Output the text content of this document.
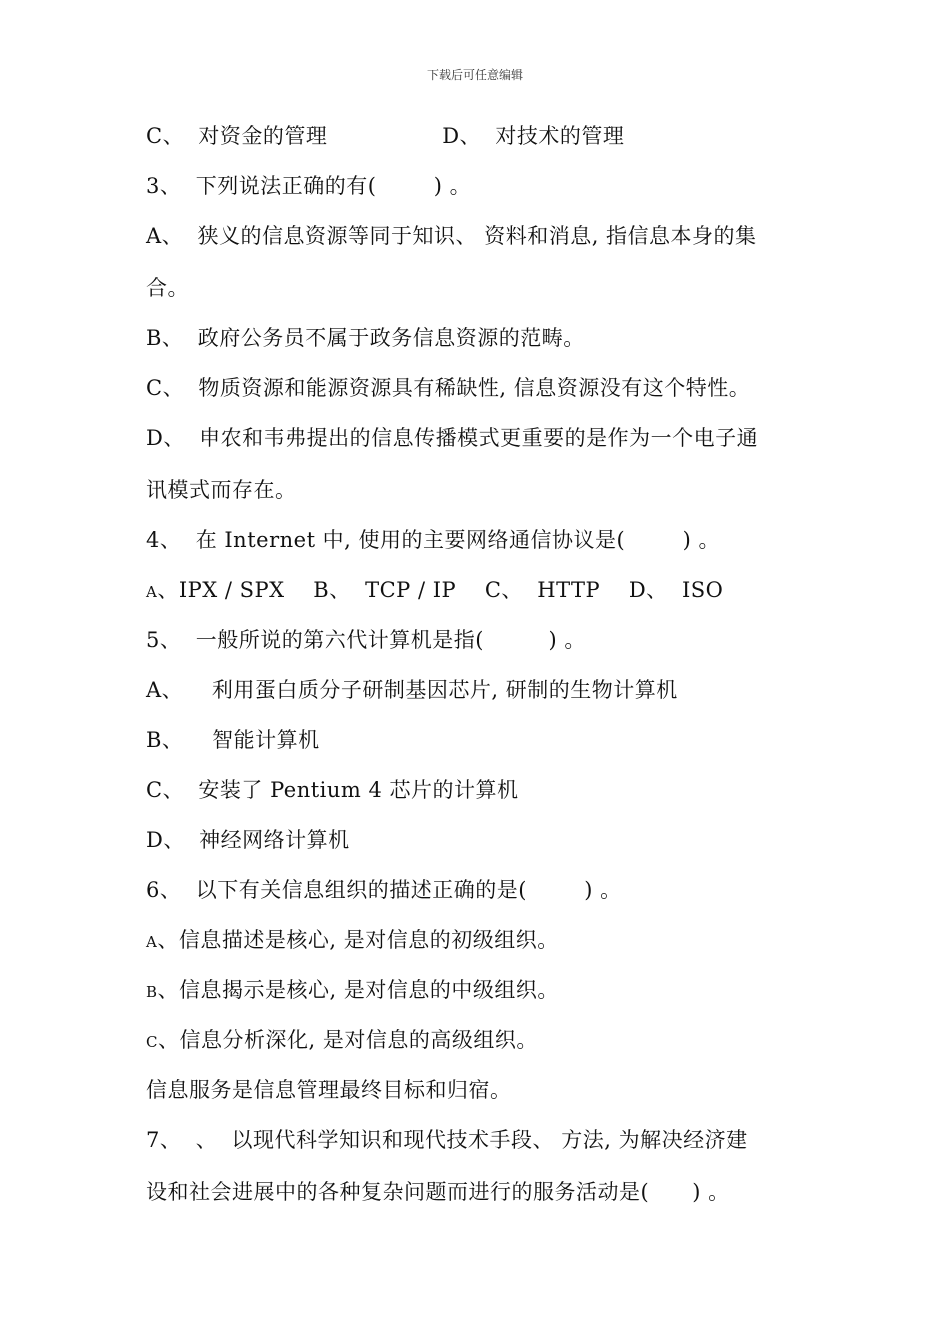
下载后可任意编辑
C、  对资金的管理                D、  对技术的管理
3、  下列说法正确的有(        ) 。
A、  狭义的信息资源等同于知识、 资料和消息, 指信息本身的集
合。
B、  政府公务员不属于政务信息资源的范畴。
C、  物质资源和能源资源具有稀缺性, 信息资源没有这个特性。
D、  申农和韦弗提出的信息传播模式更重要的是作为一个电子通
讯模式而存在。
4、  在 Internet 中, 使用的主要网络通信协议是(        ) 。
A、IPX / SPX    B、  TCP / IP    C、  HTTP    D、  ISO
5、  一般所说的第六代计算机是指(         ) 。
A、    利用蛋白质分子研制基因芯片, 研制的生物计算机
B、    智能计算机
C、  安装了 Pentium 4 芯片的计算机
D、  神经网络计算机
6、  以下有关信息组织的描述正确的是(        ) 。
A、信息描述是核心, 是对信息的初级组织。
B、信息揭示是核心, 是对信息的中级组织。
C、信息分析深化, 是对信息的高级组织。
信息服务是信息管理最终目标和归宿。
7、  、  以现代科学知识和现代技术手段、 方法, 为解决经济建
设和社会进展中的各种复杂问题而进行的服务活动是(      ) 。
